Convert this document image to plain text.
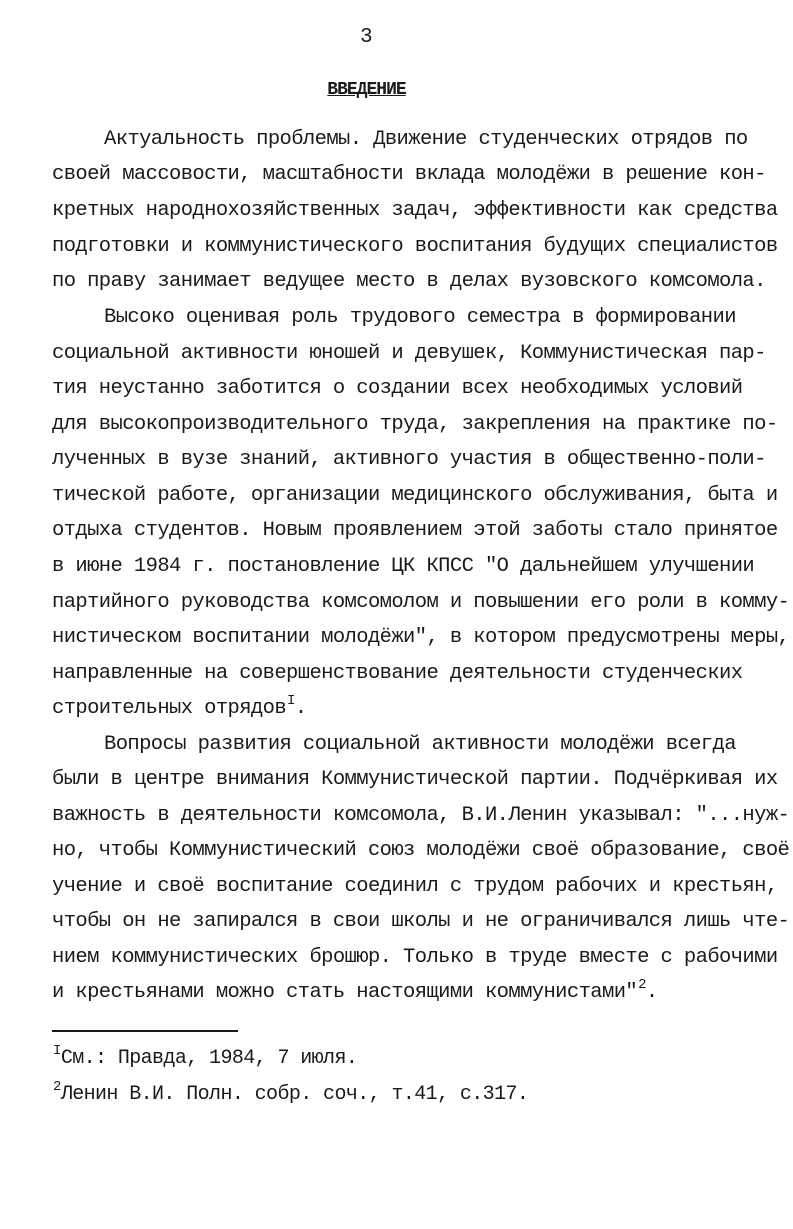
3
ВВЕДЕНИЕ
Актуальность проблемы. Движение студенческих отрядов по
своей массовости, масштабности вклада молодёжи в решение кон-
кретных народнохозяйственных задач, эффективности как средства
подготовки и коммунистического воспитания будущих специалистов
по праву занимает ведущее место в делах вузовского комсомола.
Высоко оценивая роль трудового семестра в формировании
социальной активности юношей и девушек, Коммунистическая пар-
тия неустанно заботится о создании всех необходимых условий
для высокопроизводительного труда, закрепления на практике по-
лученных в вузе знаний, активного участия в общественно-поли-
тической работе, организации медицинского обслуживания, быта и
отдыха студентов. Новым проявлением этой заботы стало принятое
в июне 1984 г. постановление ЦК КПСС "О дальнейшем улучшении
партийного руководства комсомолом и повышении его роли в комму-
нистическом воспитании молодёжи", в котором предусмотрены меры,
направленные на совершенствование деятельности студенческих
строительных отрядов$^I$.
Вопросы развития социальной активности молодёжи всегда
были в центре внимания Коммунистической партии. Подчёркивая их
важность в деятельности комсомола, В.И.Ленин указывал: "...нуж-
но, чтобы Коммунистический союз молодёжи своё образование, своё
учение и своё воспитание соединил с трудом рабочих и крестьян,
чтобы он не запирался в свои школы и не ограничивался лишь чте-
нием коммунистических брошюр. Только в труде вместе с рабочими
и крестьянами можно стать настоящими коммунистами"$^2$.
$^I$См.: Правда, 1984, 7 июля.
$^2$Ленин В.И. Полн. собр. соч., т.41, с.317.
